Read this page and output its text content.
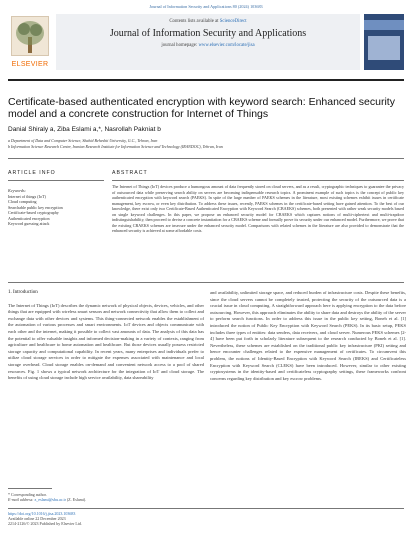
Journal of Information Security and Applications 80 (2024) 103683
ELSEVIER
Contents lists available at ScienceDirect
Journal of Information Security and Applications
journal homepage: www.elsevier.com/locate/jisa
Certificate-based authenticated encryption with keyword search: Enhanced security model and a concrete construction for Internet of Things
Danial Shiraly a, Ziba Eslami a,*, Nasrollah Pakniat b
a Department of Data and Computer Science, Shahid Beheshti University, G.C., Tehran, Iran
b Information Science Research Center, Iranian Research Institute for Information Science and Technology (IRANDOC), Tehran, Iran
ARTICLE INFO	ABSTRACT
Keywords:
Internet of things (IoT)
Cloud computing
Searchable public key encryption
Certificate-based cryptography
Authenticated encryption
Keyword guessing attack
The Internet of Things (IoT) devices produce a humongous amount of data frequently stored on cloud servers, and as a result, cryptographic techniques to guarantee the privacy of outsourced data while preserving search ability on servers are becoming indispensable research topics. A prominent example of such topics is the concept of public key authenticated encryption with keyword search (PAEKS). In spite of the large number of PAEKS schemes in the literature, most existing schemes exhibit issues in certificate management, key escrow, or even key distribution. To address these issues, recently, PAEKS schemes in the certificate-based setting have gained attention. To the best of our knowledge, there exist only two Certificate-Based Authenticated Encryption with Keyword Search (CBAEKS) schemes, both presented with rather weak security models based on single keyword challenges. In this paper, we propose an enhanced security model for CBAEKS which captures notions of multi-ciphertext and multi-trapdoor indistinguishability, then proceed to devise a concrete instantiation for a CBAEKS scheme and formally prove its security under our enhanced model. Furthermore, we prove that the existing CBAEKS schemes are insecure under the enhanced security model. Comparisons with related schemes in the literature are also provided to demonstrate that the enhanced security is achieved at some affordable costs.
1. Introduction
The Internet of Things (IoT) describes the dynamic network of physical objects, devices, vehicles, and other things that are equipped with wireless smart sensors and network connectivity that allow them to collect and exchange data with other devices and systems. This thing-connected network enables the establishment of the automation of various processes and smart environments. IoT devices and objects communicate with each other and the internet, making it possible to collect vast amounts of data. The analysis of this data has the potential to offer valuable insights and informed decision-making in a variety of contexts, ranging from agriculture and healthcare to home automation and healthcare. But those devices usually possess restricted storage capacity and computational capability. In recent years, many enterprises and individuals prefer to utilize cloud storage services in order to mitigate the expenses associated with maintenance and local storage overhead. Cloud storage enables on-demand and convenient network access to a pool of shared resources. Fig. 1 shows a typical network architecture for the integration of IoT and cloud storage. The benefits of using cloud storage include high service availability, data shareability
and availability, unlimited storage space, and reduced burden of infrastructure costs. Despite these benefits, since the cloud servers cannot be completely trusted, protecting the security of the outsourced data is a crucial issue in cloud computing. A straightforward approach here is applying encryption to the data before outsourcing. However, this approach eliminates the ability to share data and destroys the ability of the server to perform search functions. In order to address this issue in the public key setting, Boneh et al. [1] introduced the notion of Public Key Encryption with Keyword Search (PEKS). In its basic setup, PEKS includes three types of entities: data senders, data receivers, and cloud server. Numerous PEKS schemes [2-4] have been put forth in scholarly literature subsequent to the research conducted by Boneh et al. [1]. Nevertheless, these schemes are established on the traditional public key infrastructure (PKI) setting and hence encounter challenges related to the expensive management of certificates. To circumvent this problem, the notions of Identity-Based Encryption with Keyword Search (IBEKS) and Certificateless Encryption with Keyword Search (CLEKS) have been introduced. However, similar to other existing cryptosystems in the identity-based and certificateless cryptography settings, these frameworks confront concerns regarding key distribution and key escrow problems.
* Corresponding author.
E-mail address: z_eslami@sbu.ac.ir (Z. Eslami).
https://doi.org/10.1016/j.jisa.2023.103683
Available online 22 December 2023
2214-2126/© 2023 Published by Elsevier Ltd.
